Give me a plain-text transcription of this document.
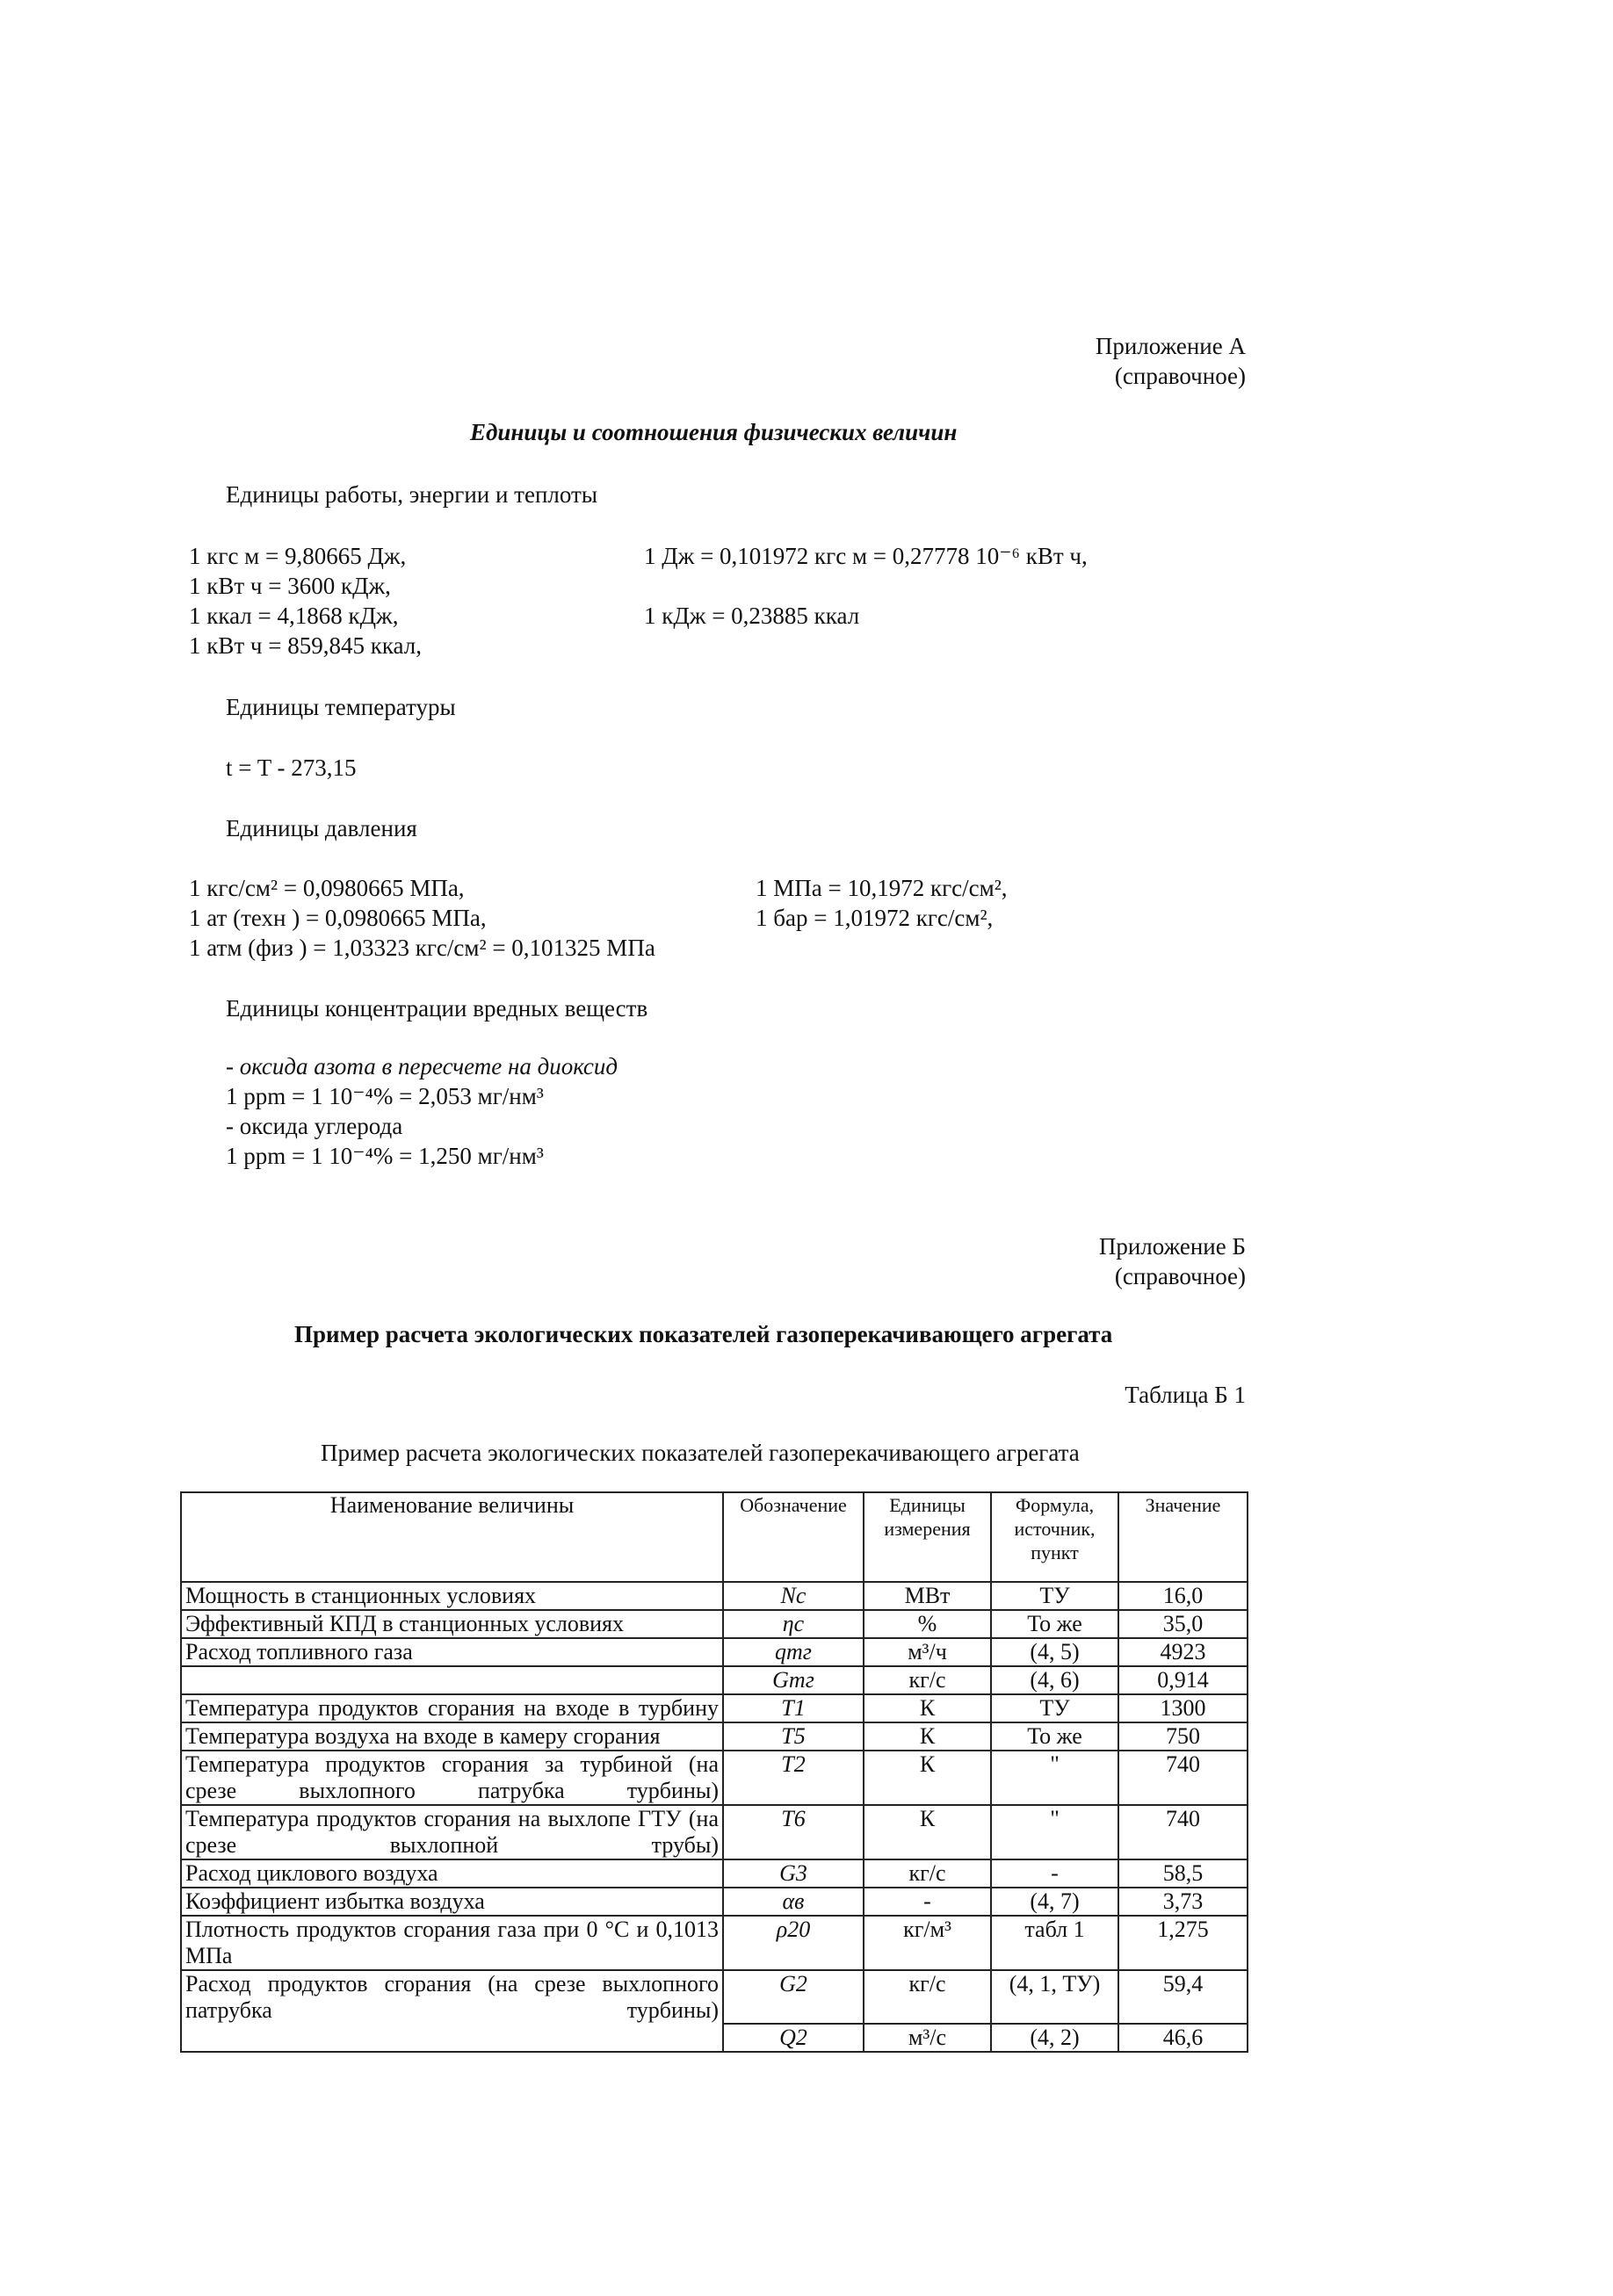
Приложение А
(справочное)
Единицы и соотношения физических величин
Единицы работы, энергии и теплоты
1 кгс м = 9,80665 Дж,
1 кВт ч = 3600 кДж,
1 ккал = 4,1868 кДж,
1 кВт ч = 859,845 ккал,
1 Дж = 0,101972 кгс м = 0,27778 10⁻⁶ кВт ч,
1 кДж = 0,23885 ккал
Единицы температуры
t = T - 273,15
Единицы давления
1 кгс/см² = 0,0980665 МПа,
1 ат (техн ) = 0,0980665 МПа,
1 атм (физ ) = 1,03323 кгс/см² = 0,101325 МПа
1 МПа = 10,1972 кгс/см²,
1 бар = 1,01972 кгс/см²,
Единицы концентрации вредных веществ
- оксида азота в пересчете на диоксид
1 ppm = 1 10⁻⁴% = 2,053 мг/нм³
- оксида углерода
1 ppm = 1 10⁻⁴% = 1,250 мг/нм³
Приложение Б
(справочное)
Пример расчета экологических показателей газоперекачивающего агрегата
Таблица Б 1
Пример расчета экологических показателей газоперекачивающего агрегата
Наименование величины	Обозначение	Единицы измерения	Формула, источник, пункт	Значение
Мощность в станционных условиях	Nс	МВт	ТУ	16,0
Эффективный КПД в станционных условиях	ηс	%	То же	35,0
Расход топливного газа	qтг	м³/ч	(4, 5)	4923
	Gтг	кг/с	(4, 6)	0,914
Температура продуктов сгорания на входе в турбину	T1	К	ТУ	1300
Температура воздуха на входе в камеру сгорания	T5	К	То же	750
Температура продуктов сгорания за турбиной (на срезе выхлопного патрубка турбины)	T2	К	"	740
Температура продуктов сгорания на выхлопе ГТУ (на срезе выхлопной трубы)	T6	К	"	740
Расход циклового воздуха	G3	кг/с	-	58,5
Коэффициент избытка воздуха	αв	-	(4, 7)	3,73
Плотность продуктов сгорания газа при 0 °С и 0,1013 МПа	ρ20	кг/м³	табл 1	1,275
Расход продуктов сгорания (на срезе выхлопного патрубка турбины)	G2	кг/с	(4, 1, ТУ)	59,4
	Q2	м³/с	(4, 2)	46,6
